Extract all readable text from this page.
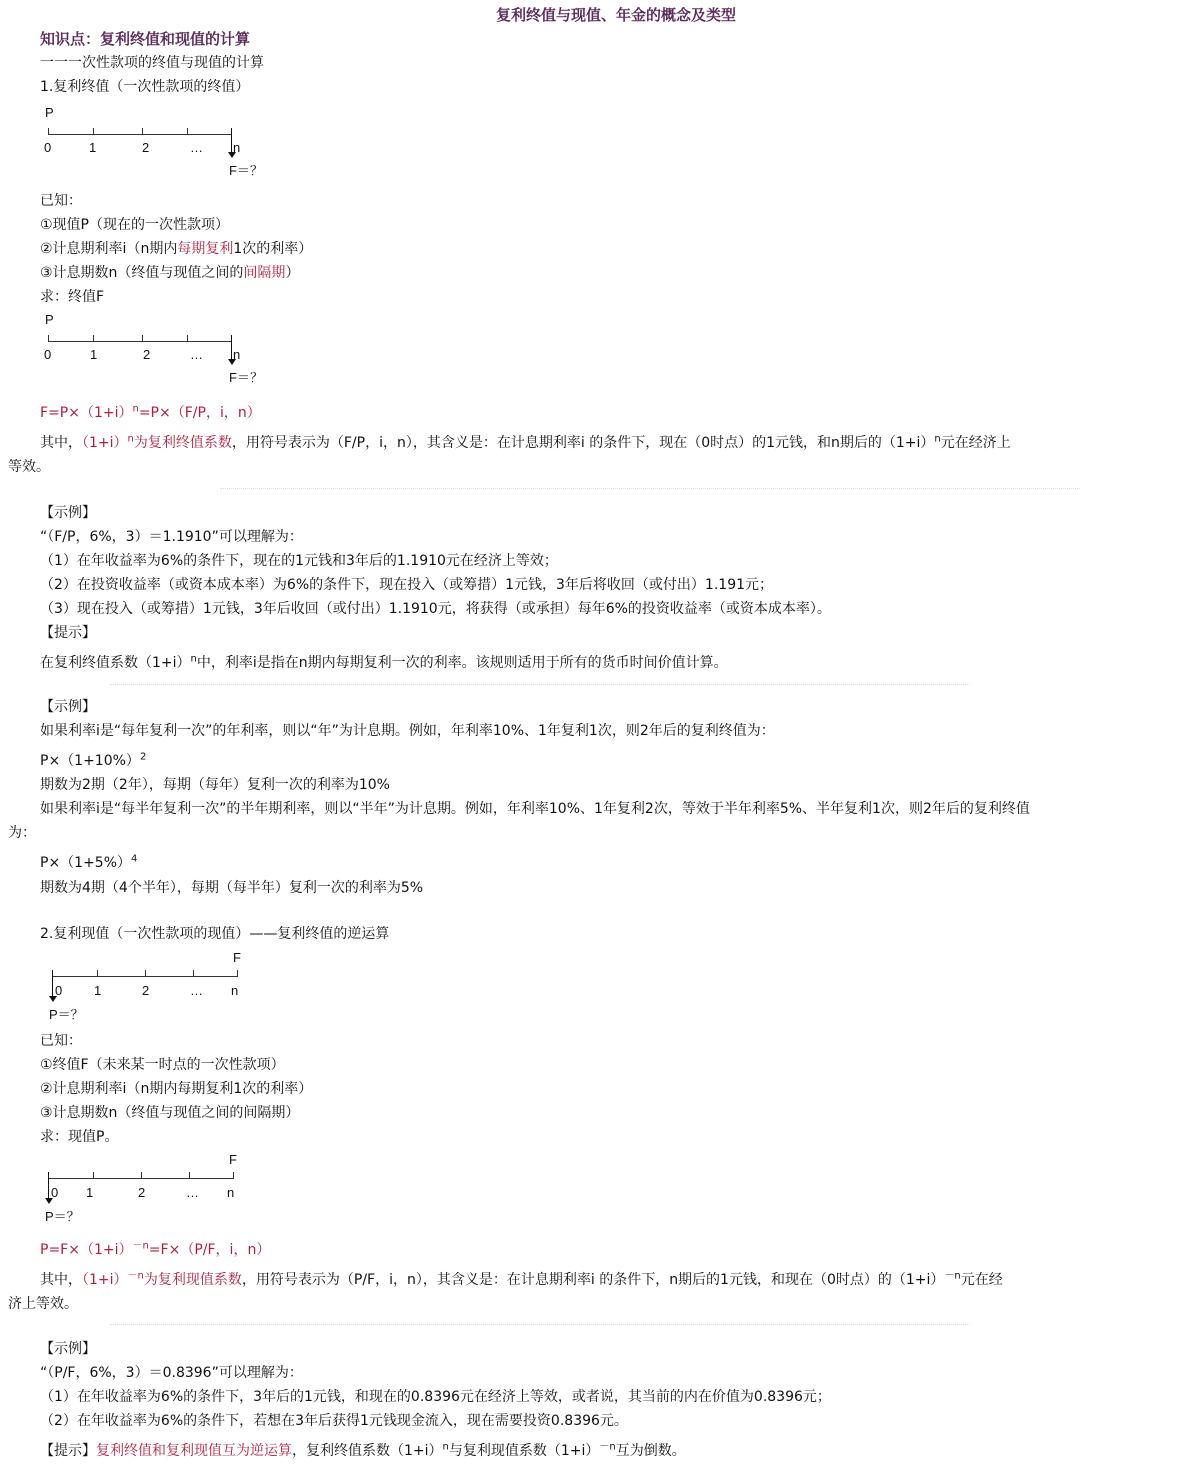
复利终值与现值、年金的概念及类型
知识点：复利终值和现值的计算
一一一次性款项的终值与现值的计算
1.复利终值（一次性款项的终值）
P
0	1	2	… n
F＝？
已知：
①现值P（现在的一次性款项）
②计息期利率i（n期内每期复利1次的利率）
③计息期数n（终值与现值之间的间隔期）
求：终值F
P
0	1	2	… n
F＝？
$F=P\times(1+i)^n=P\times(F/P$，i，n）
其中，$(1+i)^n$为复利终值系数，用符号表示为（F/P，i，n），其含义是：在计息期利率i 的条件下，现在（0时点）的1元钱，和n期后的$(1+i)^n$元在经济上
等效。
【示例】
“（F/P，6%，3）＝1.1910”可以理解为：
（1）在年收益率为6%的条件下，现在的1元钱和3年后的1.1910元在经济上等效；
（2）在投资收益率（或资本成本率）为6%的条件下，现在投入（或筹措）1元钱，3年后将收回（或付出）1.191元；
（3）现在投入（或筹措）1元钱，3年后收回（或付出）1.1910元，将获得（或承担）每年6%的投资收益率（或资本成本率）。
【提示】
在复利终值系数$(1+i)^n$中，利率i是指在n期内每期复利一次的利率。该规则适用于所有的货币时间价值计算。
【示例】
如果利率i是“每年复利一次”的年利率，则以“年”为计息期。例如，年利率10%、1年复利1次，则2年后的复利终值为：
$P\times(1+10\%)^2$
期数为2期（2年），每期（每年）复利一次的利率为10%
如果利率i是“每半年复利一次”的半年期利率，则以“半年”为计息期。例如，年利率10%、1年复利2次，等效于半年利率5%、半年复利1次，则2年后的复利终值
为：
$P\times(1+5\%)^4$
期数为4期（4个半年），每期（每半年）复利一次的利率为5%
2.复利现值（一次性款项的现值）——复利终值的逆运算
F
0 1	2	… n
P＝？
已知：
①终值F（未来某一时点的一次性款项）
②计息期利率i（n期内每期复利1次的利率）
③计息期数n（终值与现值之间的间隔期）
求：现值P。
F
0 1	2	… n
P＝？
$P=F\times(1+i)^{-n}=F\times(P/F$，i，n）
其中，$(1+i)^{-n}$为复利现值系数，用符号表示为（P/F，i，n），其含义是：在计息期利率i 的条件下，n期后的1元钱，和现在（0时点）的$(1+i)^{-n}$元在经
济上等效。
【示例】
“（P/F，6%，3）＝0.8396”可以理解为：
（1）在年收益率为6%的条件下，3年后的1元钱，和现在的0.8396元在经济上等效，或者说，其当前的内在价值为0.8396元；
（2）在年收益率为6%的条件下，若想在3年后获得1元钱现金流入，现在需要投资0.8396元。
【提示】复利终值和复利现值互为逆运算，复利终值系数$(1+i)^n$与复利现值系数$(1+i)^{-n}$互为倒数。
